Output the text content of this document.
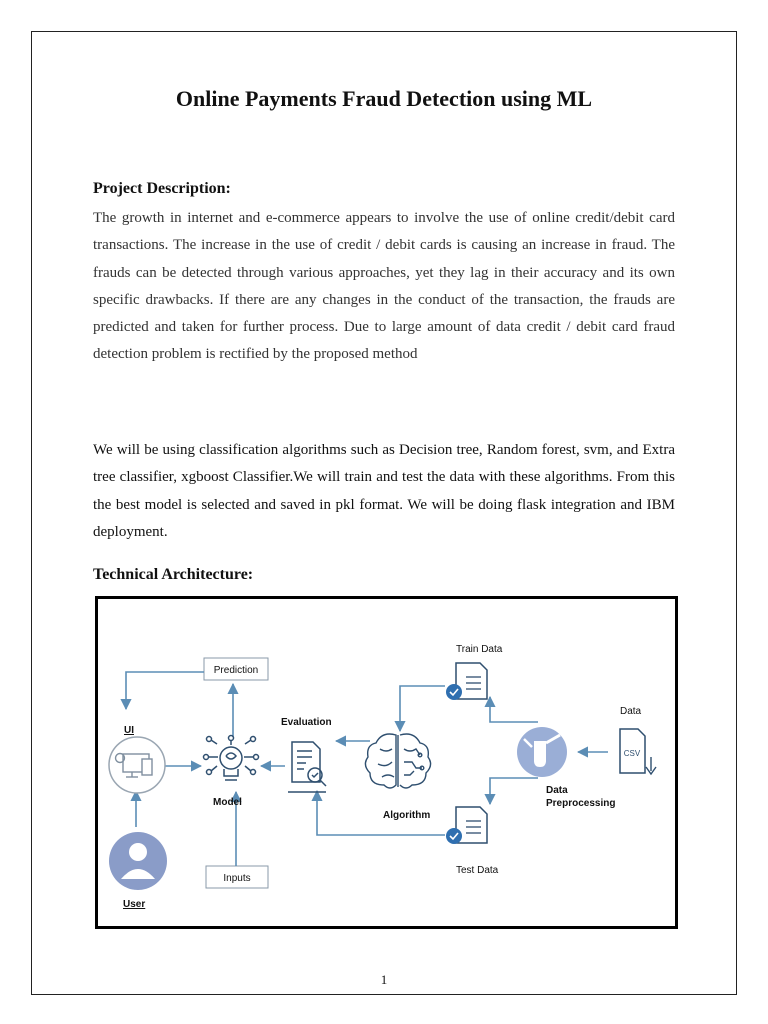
Online Payments Fraud Detection using ML
Project Description:

The growth in internet and e-commerce appears to involve the use of online credit/debit card transactions. The increase in the use of credit / debit cards is causing an increase in fraud. The frauds can be detected through various approaches, yet they lag in their accuracy and its own specific drawbacks. If there are any changes in the conduct of the transaction, the frauds are predicted and taken for further process. Due to large amount of data credit / debit card fraud detection problem is rectified by the proposed method

We will be using classification algorithms such as Decision tree, Random forest, svm, and Extra tree classifier, xgboost Classifier.We will train and test the data with these algorithms. From this the best model is selected and saved in pkl format. We will be doing flask integration and IBM deployment.

Technical Architecture:
Prediction
Inputs
UI
User
Model
Evaluation
Algorithm
Train Data
Test Data
Data
Preprocessing
CSV
Data
1
